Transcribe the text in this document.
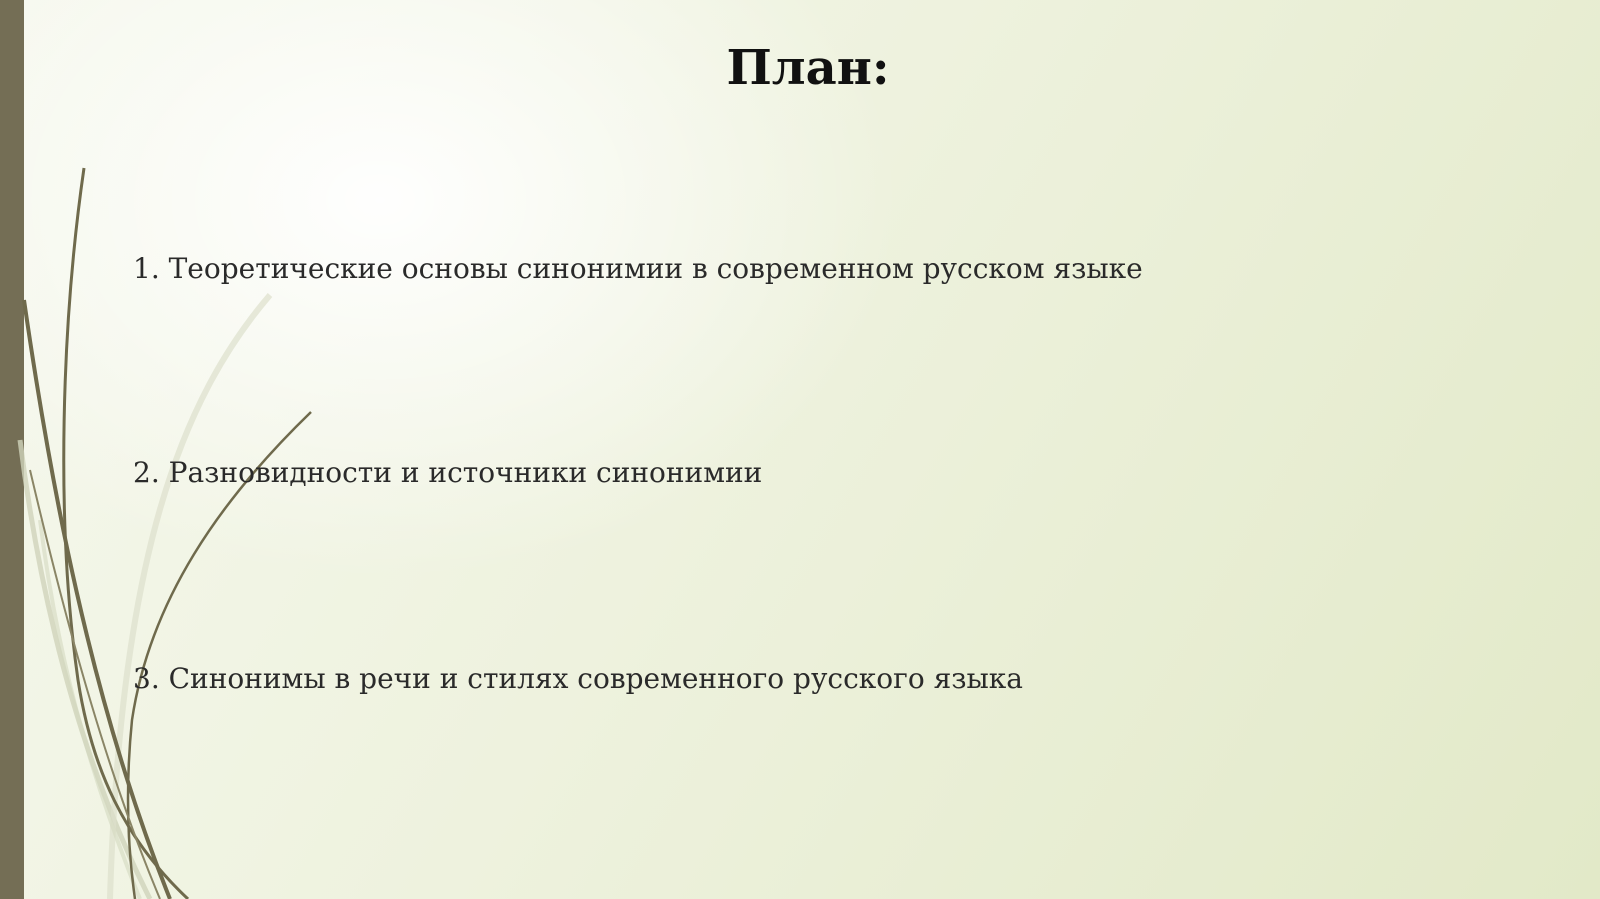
План:
1. Теоретические основы синонимии в современном русском языке
2. Разновидности и источники синонимии
3. Синонимы в речи и стилях современного русского языка
